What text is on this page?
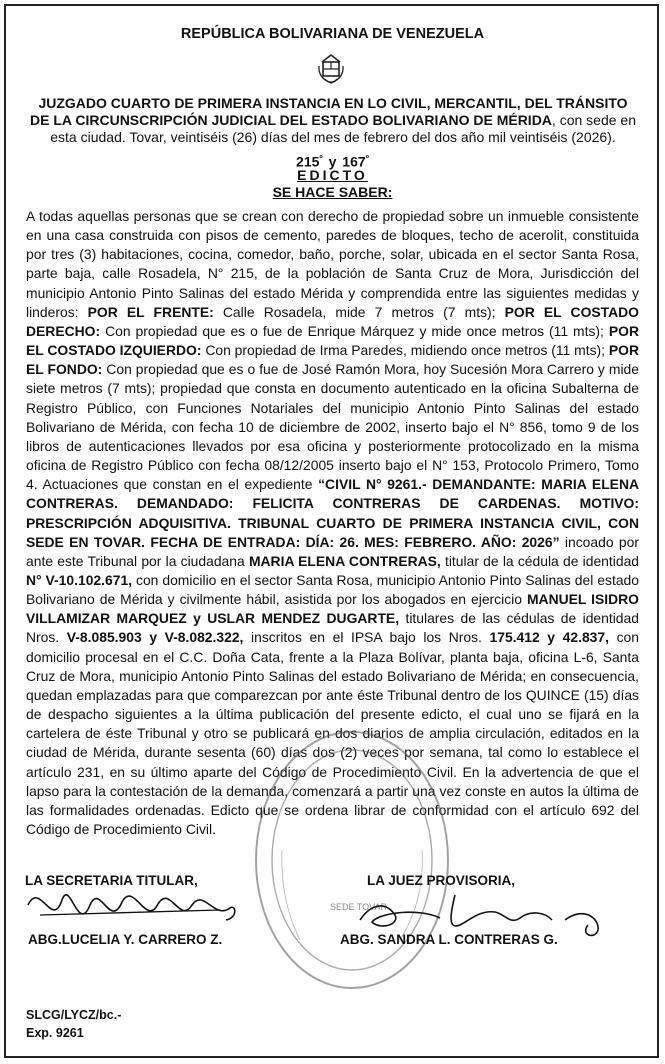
REPÚBLICA BOLIVARIANA DE VENEZUELA
JUZGADO CUARTO DE PRIMERA INSTANCIA EN LO CIVIL, MERCANTIL, DEL TRÁNSITO DE LA CIRCUNSCRIPCIÓN JUDICIAL DEL ESTADO BOLIVARIANO DE MÉRIDA, con sede en esta ciudad. Tovar, veintiséis (26) días del mes de febrero del dos año mil veintiséis (2026).
$215^º$ y $167^º$
EDICTO
SE HACE SABER:
A todas aquellas personas que se crean con derecho de propiedad sobre un inmueble consistente en una casa construida con pisos de cemento, paredes de bloques, techo de acerolit, constituida por tres (3) habitaciones, cocina, comedor, baño, porche, solar, ubicada en el sector Santa Rosa, parte baja, calle Rosadela, N° 215, de la población de Santa Cruz de Mora, Jurisdicción del municipio Antonio Pinto Salinas del estado Mérida y comprendida entre las siguientes medidas y linderos: POR EL FRENTE: Calle Rosadela, mide 7 metros (7 mts); POR EL COSTADO DERECHO: Con propiedad que es o fue de Enrique Márquez y mide once metros (11 mts); POR EL COSTADO IZQUIERDO: Con propiedad de Irma Paredes, midiendo once metros (11 mts); POR EL FONDO: Con propiedad que es o fue de José Ramón Mora, hoy Sucesión Mora Carrero y mide siete metros (7 mts); propiedad que consta en documento autenticado en la oficina Subalterna de Registro Público, con Funciones Notariales del municipio Antonio Pinto Salinas del estado Bolivariano de Mérida, con fecha 10 de diciembre de 2002, inserto bajo el N° 856, tomo 9 de los libros de autenticaciones llevados por esa oficina y posteriormente protocolizado en la misma oficina de Registro Público con fecha 08/12/2005 inserto bajo el N° 153, Protocolo Primero, Tomo 4. Actuaciones que constan en el expediente “CIVIL N° 9261.- DEMANDANTE: MARIA ELENA CONTRERAS. DEMANDADO: FELICITA CONTRERAS DE CARDENAS. MOTIVO: PRESCRIPCIÓN ADQUISITIVA. TRIBUNAL CUARTO DE PRIMERA INSTANCIA CIVIL, CON SEDE EN TOVAR. FECHA DE ENTRADA: DÍA: 26. MES: FEBRERO. AÑO: 2026” incoado por ante este Tribunal por la ciudadana MARIA ELENA CONTRERAS, titular de la cédula de identidad N° V-10.102.671, con domicilio en el sector Santa Rosa, municipio Antonio Pinto Salinas del estado Bolivariano de Mérida y civilmente hábil, asistida por los abogados en ejercicio MANUEL ISIDRO VILLAMIZAR MARQUEZ y USLAR MENDEZ DUGARTE, titulares de las cédulas de identidad Nros. V-8.085.903 y V-8.082.322, inscritos en el IPSA bajo los Nros. 175.412 y 42.837, con domicilio procesal en el C.C. Doña Cata, frente a la Plaza Bolívar, planta baja, oficina L-6, Santa Cruz de Mora, municipio Antonio Pinto Salinas del estado Bolivariano de Mérida; en consecuencia, quedan emplazadas para que comparezcan por ante éste Tribunal dentro de los QUINCE (15) días de despacho siguientes a la última publicación del presente edicto, el cual uno se fijará en la cartelera de éste Tribunal y otro se publicará en dos diarios de amplia circulación, editados en la ciudad de Mérida, durante sesenta (60) días dos (2) veces por semana, tal como lo establece el artículo 231, en su último aparte del Código de Procedimiento Civil. En la advertencia de que el lapso para la contestación de la demanda, comenzará a partir una vez conste en autos la última de las formalidades ordenadas. Edicto que se ordena librar de conformidad con el artículo 692 del Código de Procedimiento Civil.
SEDE TOVAR
LA SECRETARIA TITULAR,	LA JUEZ PROVISORIA,
ABG.LUCELIA Y. CARRERO Z.	ABG. SANDRA L. CONTRERAS G.
SLCG/LYCZ/bc.-
Exp. 9261
